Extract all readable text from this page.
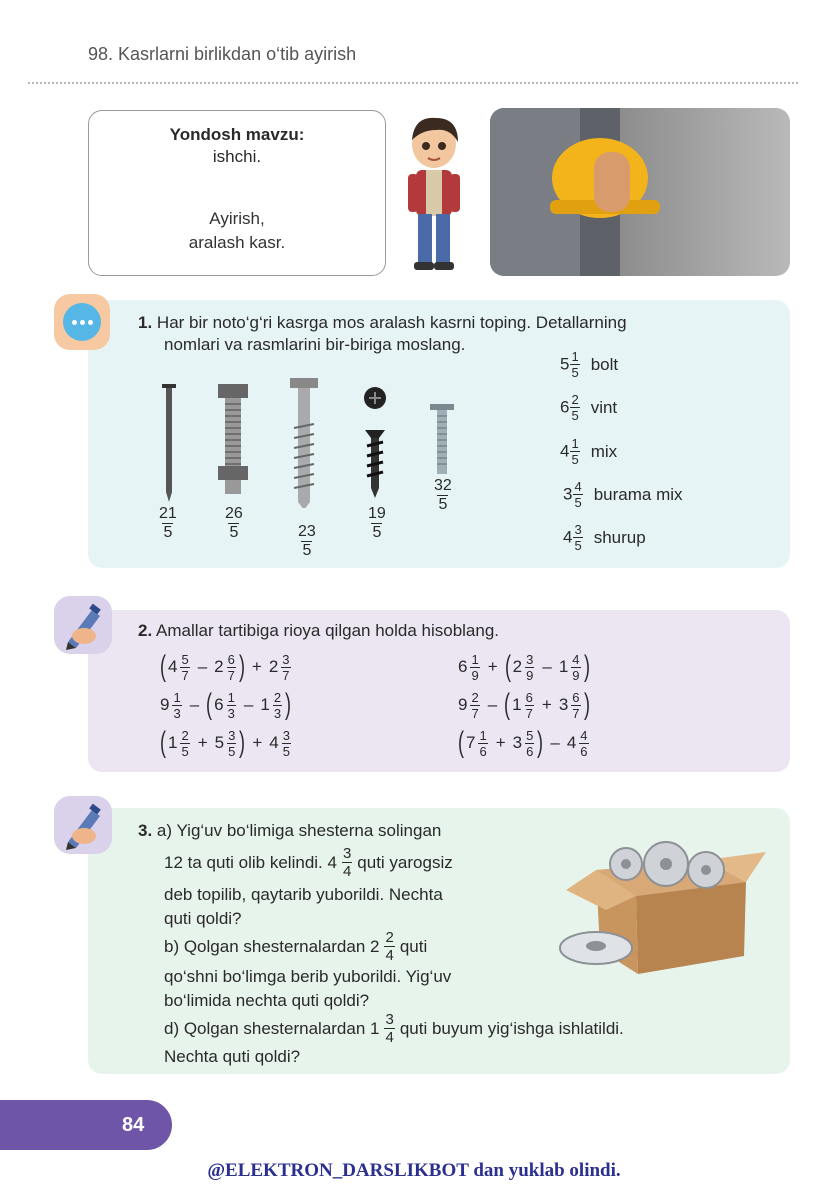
98. Kasrlarni birlikdan o‘tib ayirish
Yondosh mavzu:
ishchi.
Ayirish,
aralash kasr.
1. Har bir noto‘g‘ri kasrga mos aralash kasrni toping. Detallarning
nomlari va rasmlarini bir-biriga moslang.
$\frac{21}{5}$	$\frac{26}{5}$
$\frac{23}{5}$
$\frac{19}{5}$
$\frac{32}{5}$
$5 \frac{1}{5}$ bolt
$6 \frac{2}{5}$ vint
$4 \frac{1}{5}$ mix
$3 \frac{4}{5}$ burama mix
$4 \frac{3}{5}$ shurup
2. Amallar tartibiga rioya qilgan holda hisoblang.
( $4 \frac{5}{7} - 2 \frac{6}{7}$ ) + $2 \frac{3}{7}$
$9 \frac{1}{3}$ – ( $6 \frac{1}{3} - 1 \frac{2}{3}$ )
( $1 \frac{2}{5} + 5 \frac{3}{5}$ ) + $4 \frac{3}{5}$
$6 \frac{1}{9}$ + ( $2 \frac{3}{9} - 1 \frac{4}{9}$ )
$9 \frac{2}{7}$ – ( $1 \frac{6}{7} + 3 \frac{6}{7}$ )
( $7 \frac{1}{6} + 3 \frac{5}{6}$ ) – $4 \frac{4}{6}$
3. a) Yig‘uv bo‘limiga shesterna solingan
12 ta quti olib kelindi. $4 \frac{3}{4}$ quti yarogsiz
deb topilib, qaytarib yuborildi. Nechta
quti qoldi?
b) Qolgan shesternalardan $2 \frac{2}{4}$ quti
qo‘shni bo‘limga berib yuborildi. Yig‘uv
bo‘limida nechta quti qoldi?
d) Qolgan shesternalardan $1 \frac{3}{4}$ quti buyum yig‘ishga ishlatildi.
Nechta quti qoldi?
84
@ELEKTRON_DARSLIKBOT dan yuklab olindi.
